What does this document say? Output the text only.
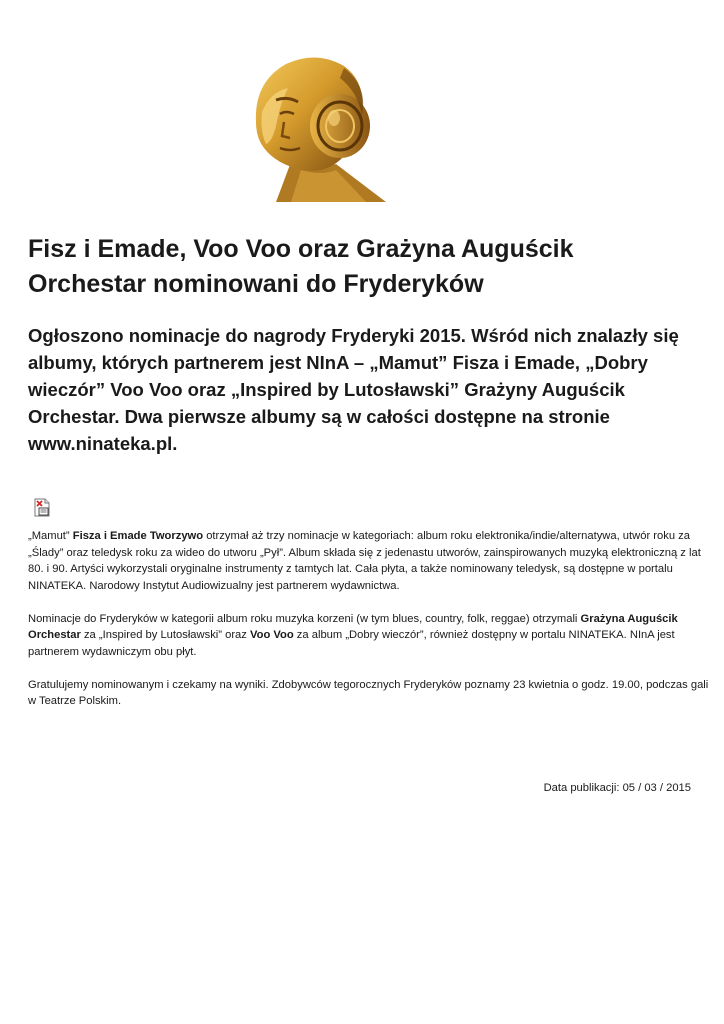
Fisz i Emade, Voo Voo oraz Grażyna Auguścik Orchestar nominowani do Fryderyków

Ogłoszono nominacje do nagrody Fryderyki 2015. Wśród nich znalazły się albumy, których partnerem jest NInA – „Mamut” Fisza i Emade, „Dobry wieczór” Voo Voo oraz „Inspired by Lutosławski” Grażyny Auguścik Orchestar. Dwa pierwsze albumy są w całości dostępne na stronie www.ninateka.pl.

„Mamut” Fisza i Emade Tworzywo otrzymał aż trzy nominacje w kategoriach: album roku elektronika/indie/alternatywa, utwór roku za „Ślady” oraz teledysk roku za wideo do utworu „Pył”. Album składa się z jedenastu utworów, zainspirowanych muzyką elektroniczną z lat 80. i 90. Artyści wykorzystali oryginalne instrumenty z tamtych lat. Cała płyta, a także nominowany teledysk, są dostępne w portalu NINATEKA. Narodowy Instytut Audiowizualny jest partnerem wydawnictwa.

Nominacje do Fryderyków w kategorii album roku muzyka korzeni (w tym blues, country, folk, reggae) otrzymali Grażyna Auguścik Orchestar za „Inspired by Lutosławski” oraz Voo Voo za album „Dobry wieczór”, również dostępny w portalu NINATEKA. NInA jest partnerem wydawniczym obu płyt.

Gratulujemy nominowanym i czekamy na wyniki. Zdobywców tegorocznych Fryderyków poznamy 23 kwietnia o godz. 19.00, podczas gali w Teatrze Polskim.

Data publikacji: 05 / 03 / 2015
